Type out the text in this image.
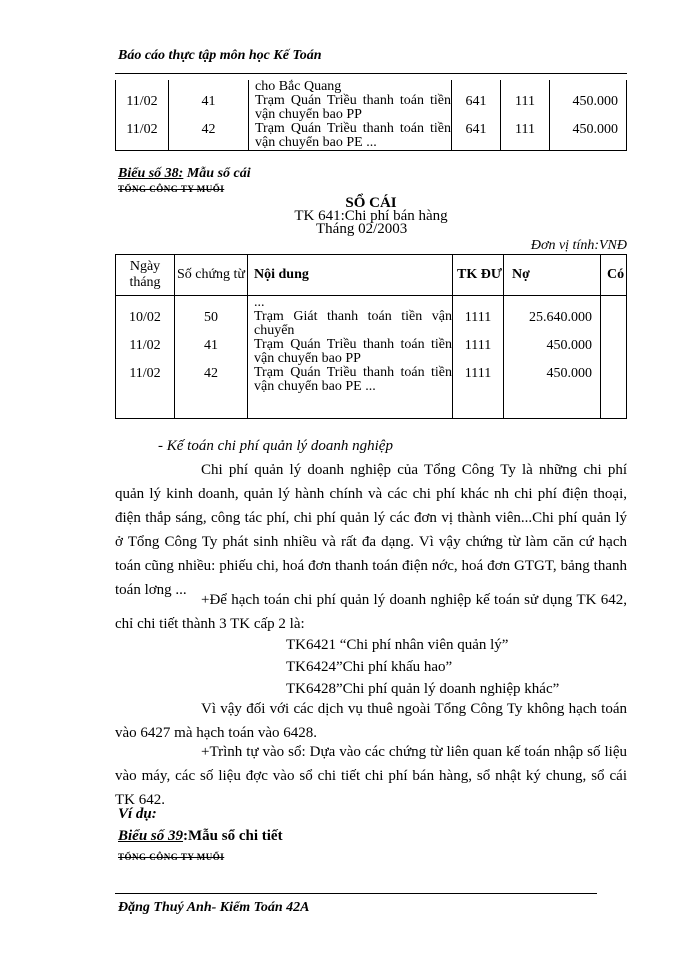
Báo cáo thực tập môn học Kế Toán
		cho Bắc Quang			
11/02	41	Trạm Quán Triều thanh toán tiền vận chuyển bao PP	641	111	450.000
11/02	42	Trạm Quán Triều thanh toán tiền vận chuyển bao PE ...	641	111	450.000
Biểu số 38: Mẫu sổ cái
TỔNG CÔNG TY MUỐI
SỔ CÁI
TK 641:Chi phí bán hàng
Tháng 02/2003
Đơn vị tính:VNĐ
Ngày tháng	Số chứng từ	Nội dung	TK ĐƯ	Nợ	Có
		...			
10/02	50	Trạm Giát thanh toán tiền vận chuyển	1111	25.640.000	
11/02	41	Trạm Quán Triều thanh toán tiền vận chuyển bao PP	1111	450.000	
11/02	42	Trạm Quán Triều thanh toán tiền vận chuyển bao PE ...	1111	450.000	
- Kế toán chi phí quản lý doanh nghiệp
Chi phí quản lý doanh nghiệp của Tổng Công Ty là những chi phí quản lý kinh doanh, quản lý hành chính và các chi phí khác nh chi phí điện thoại, điện thắp sáng, công tác phí, chi phí quản lý các đơn vị thành viên...Chi phí quản lý ở Tổng Công Ty phát sinh nhiều và rất đa dạng. Vì vậy chứng từ làm căn cứ hạch toán cũng nhiều: phiếu chi, hoá đơn thanh toán điện nớc, hoá đơn GTGT, bảng thanh toán lơng ...
+Để hạch toán chi phí quản lý doanh nghiệp kế toán sử dụng TK 642, chỉ chi tiết thành 3 TK cấp 2 là:
TK6421 “Chi phí nhân viên quản lý”
TK6424”Chi phí khấu hao”
TK6428”Chi phí quản lý doanh nghiệp khác”
Vì vậy đối với các dịch vụ thuê ngoài Tổng Công Ty không hạch toán vào 6427 mà hạch toán vào 6428.
+Trình tự vào sổ: Dựa vào các chứng từ liên quan kế toán nhập số liệu vào máy, các số liệu đợc vào sổ chi tiết chi phí bán hàng, sổ nhật ký chung, sổ cái TK 642.
Ví dụ:
Biểu số 39:Mẫu sổ chi tiết
TỔNG CÔNG TY MUỐI
Đặng Thuý Anh- Kiểm Toán 42A
